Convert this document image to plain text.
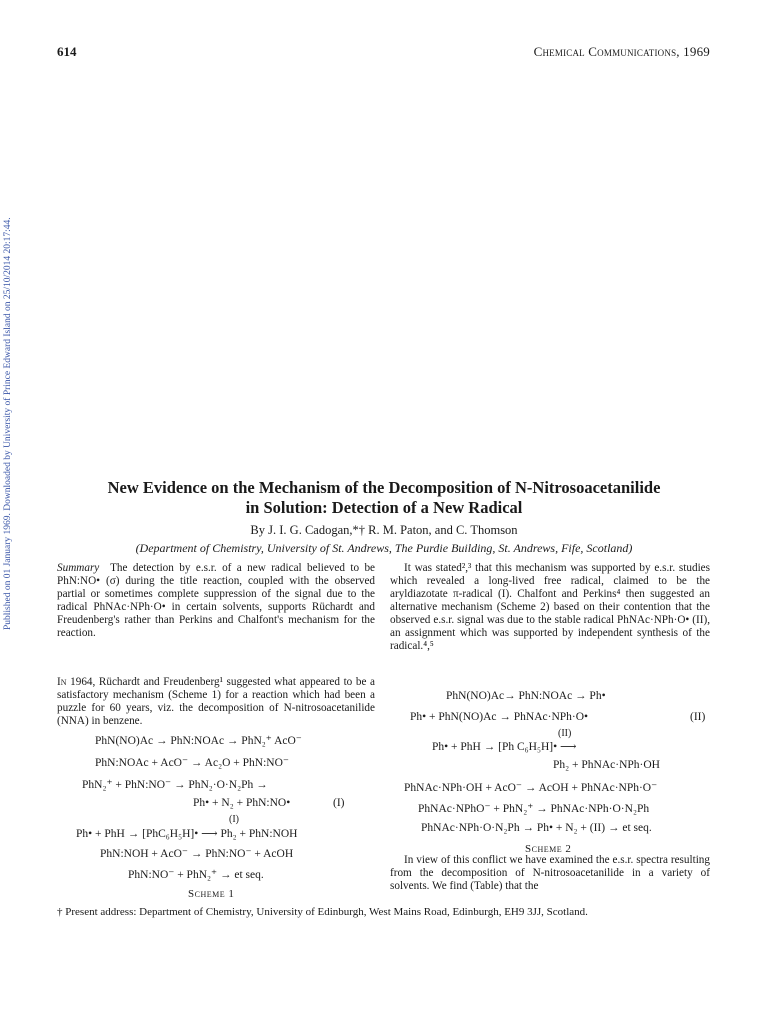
614	Chemical Communications, 1969
Published on 01 January 1969. Downloaded by University of Prince Edward Island on 25/10/2014 20:17:44.	New Evidence on the Mechanism of the Decomposition of N-Nitrosoacetanilide
in Solution: Detection of a New Radical
By J. I. G. Cadogan,*† R. M. Paton, and C. Thomson
(Department of Chemistry, University of St. Andrews, The Purdie Building, St. Andrews, Fife, Scotland)

Summary The detection by e.s.r. of a new radical believed to be PhN:NO• (σ) during the title reaction, coupled with the observed partial or sometimes complete suppression of the signal due to the radical PhNAc·NPh·O• in certain solvents, supports Rüchardt and Freudenberg's rather than Perkins and Chalfont's mechanism for the reaction.

In 1964, Rüchardt and Freudenberg¹ suggested what appeared to be a satisfactory mechanism (Scheme 1) for a reaction which had been a puzzle for 60 years, viz. the decomposition of N-nitrosoacetanilide (NNA) in benzene.

PhN(NO)Ac → PhN:NOAc → PhN₂⁺ AcO⁻
PhN:NOAc + AcO⁻ → Ac₂O + PhN:NO⁻
PhN₂⁺ + PhN:NO⁻ → PhN₂·O·N₂Ph →
Ph• + N₂ + PhN:NO•	(I)
(I)
Ph• + PhH → [PhC₆H₅H]• ⟶ Ph₂ + PhN:NOH
PhN:NOH + AcO⁻ → PhN:NO⁻ + AcOH
PhN:NO⁻ + PhN₂⁺ → et seq.
Scheme 1

It was stated²,³ that this mechanism was supported by e.s.r. studies which revealed a long-lived free radical, claimed to be the aryldiazotate π-radical (I). Chalfont and Perkins⁴ then suggested an alternative mechanism (Scheme 2) based on their contention that the observed e.s.r. signal was due to the stable radical PhNAc·NPh·O• (II), an assignment which was supported by independent synthesis of the radical.⁴,⁵

PhN(NO)Ac→ PhN:NOAc → Ph•
Ph• + PhN(NO)Ac → PhNAc·NPh·O•	(II)
(II)
Ph• + PhH → [Ph C₆H₅H]• ⟶
Ph₂ + PhNAc·NPh·OH
PhNAc·NPh·OH + AcO⁻ → AcOH + PhNAc·NPh·O⁻
PhNAc·NPhO⁻ + PhN₂⁺ → PhNAc·NPh·O·N₂Ph
PhNAc·NPh·O·N₂Ph → Ph• + N₂ + (II) → et seq.
Scheme 2

In view of this conflict we have examined the e.s.r. spectra resulting from the decomposition of N-nitrosoacetanilide in a variety of solvents. We find (Table) that the

† Present address: Department of Chemistry, University of Edinburgh, West Mains Road, Edinburgh, EH9 3JJ, Scotland.
